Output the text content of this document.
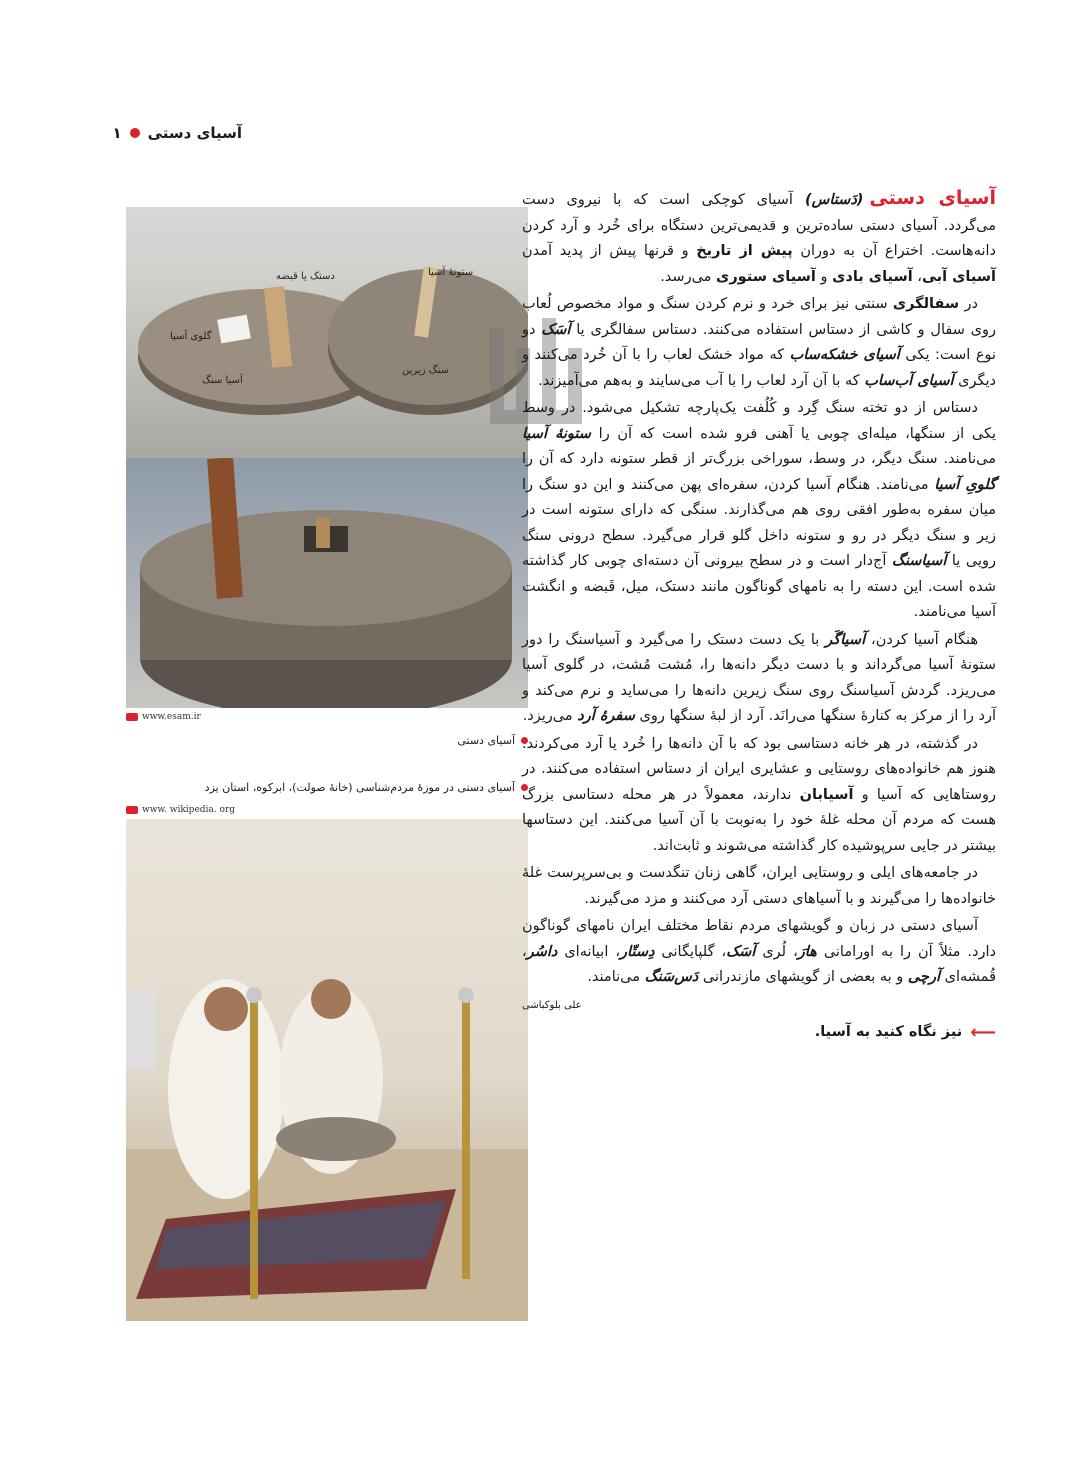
آسیای دستی
۱
ستونهٔ آسیا
دستک یا قبضه
گلوی آسیا
آسیا سنگ
سنگ زیرین
www.esam.ir
آسیای دستی
آسیای دستی در موزهٔ مردم‌شناسی (خانهٔ صولت)، ابرکوه، استان یزد
www. wikipedia. org

آسیای دستی(دَستاس) آسیای کوچکی است که با نیروی دست می‌گردد. آسیای دستی ساده‌ترین و قدیمی‌ترین دستگاه برای خُرد و آرد کردن دانه‌هاست. اختراع آن به دوران پیش از تاریخ و قرنها پیش از پدید آمدن آسیای آبی، آسیای بادی و آسیای ستوری می‌رسد.

در سفالگری سنتی نیز برای خرد و نرم کردن سنگ و مواد مخصوص لُعاب روی سفال و کاشی از دستاس استفاده می‌کنند. دستاس سفالگری یا آسَک دو نوع است: یکی آسیای خشکه‌ساب که مواد خشک لعاب را با آن خُرد می‌کنند و دیگری آسیای آب‌ساب که با آن آرد لعاب را با آب می‌سایند و به‌هم می‌آمیزند.

دستاس از دو تخته سنگ گِرد و کُلُفت یک‌پارچه تشکیل می‌شود. در وسط یکی از سنگها، میله‌ای چوبی یا آهنی فرو شده است که آن را ستونهٔ آسیا می‌نامند. سنگ دیگر، در وسط، سوراخی بزرگ‌تر از قطر ستونه دارد که آن را گلویِ آسیا می‌نامند. هنگام آسیا کردن، سفره‌ای پهن می‌کنند و این دو سنگ را میان سفره به‌طور افقی روی هم می‌گذارند. سنگی که دارای ستونه است در زیر و سنگ دیگر در رو و ستونه داخل گلو قرار می‌گیرد. سطح درونی سنگ رویی یا آسیاسنگ آج‌دار است و در سطح بیرونی آن دسته‌ای چوبی کار گذاشته شده است. این دسته را به نامهای گوناگون مانند دستک، میل، قَبضه و انگشت آسیا می‌نامند.

هنگام آسیا کردن، آسیاگَر با یک دست دستک را می‌گیرد و آسیاسنگ را دور ستونهٔ آسیا می‌گرداند و با دست دیگر دانه‌ها را، مُشت مُشت، در گلوی آسیا می‌ریزد. گردش آسیاسنگ روی سنگ زیرین دانه‌ها را می‌ساید و نرم می‌کند و آرد را از مرکز به کنارهٔ سنگها می‌رانَد. آرد از لبهٔ سنگها روی سفرهٔ آرد می‌ریزد.

در گذشته، در هر خانه دستاسی بود که با آن دانه‌ها را خُرد یا آرد می‌کردند. هنوز هم خانواده‌های روستایی و عشایری ایران از دستاس استفاده می‌کنند. در روستاهایی که آسیا و آسیابان ندارند، معمولاً در هر محله دستاسی بزرگ هست که مردم آن محله غلهٔ خود را به‌نوبت با آن آسیا می‌کنند. این دستاسها بیشتر در جایی سرپوشیده کار گذاشته می‌شوند و ثابت‌اند.

در جامعه‌های ایلی و روستایی ایران، گاهی زنان تنگدست و بی‌سرپرست غلهٔ خانواده‌ها را می‌گیرند و با آسیاهای دستی آرد می‌کنند و مزد می‌گیرند.

آسیای دستی در زبان و گویشهای مردم نقاط مختلف ایران نامهای گوناگون دارد. مثلاً آن را به اورامانی هارَ، لُری آسَک، گلپایگانی دِستّار، ابیانه‌ای داسُر، قُمشه‌ای آرچی و به بعضی از گویشهای مازندرانی دَس‌سَنگ می‌نامند.

علی بلوکباشی

⟵
نیز نگاه کنید به آسیا.
